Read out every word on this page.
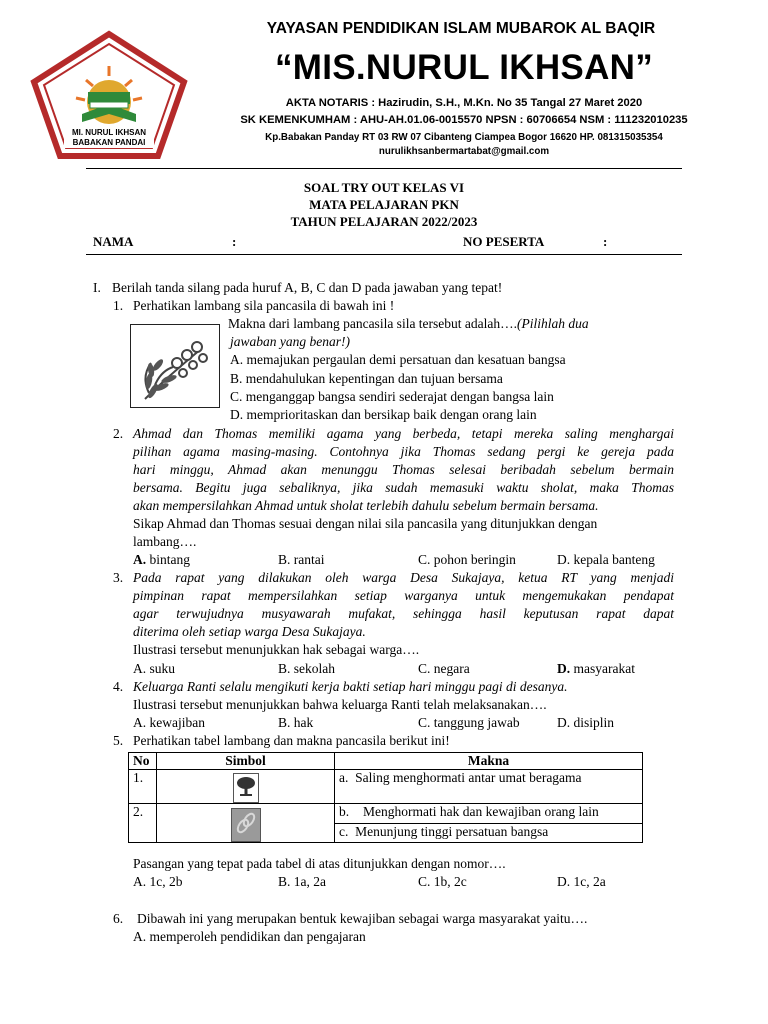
MI. NURUL IKHSAN
BABAKAN PANDAI
YAYASAN PENDIDIKAN ISLAM MUBAROK AL BAQIR
“MIS.NURUL IKHSAN”
AKTA NOTARIS : Hazirudin, S.H., M.Kn. No 35 Tangal 27 Maret 2020
SK KEMENKUMHAM : AHU-AH.01.06-0015570 NPSN : 60706654 NSM : 111232010235
Kp.Babakan Panday RT 03 RW 07 Cibanteng Ciampea Bogor 16620 HP. 081315035354
nurulikhsanbermartabat@gmail.com
SOAL TRY OUT KELAS VI
MATA PELAJARAN PKN
TAHUN PELAJARAN 2022/2023
NAMA	:	NO PESERTA	:
I. Berilah tanda silang pada huruf A, B, C dan D pada jawaban yang tepat!
1. Perhatikan lambang sila pancasila di bawah ini !
Makna dari lambang pancasila sila tersebut adalah….(Pilihlah dua
jawaban yang benar!)
A. memajukan pergaulan demi persatuan dan kesatuan bangsa
B. mendahulukan kepentingan dan tujuan bersama
C. menganggap bangsa sendiri sederajat dengan bangsa lain
D. memprioritaskan dan bersikap baik dengan orang lain
2. Ahmad dan Thomas memiliki agama yang berbeda, tetapi mereka saling menghargai
pilihan agama masing-masing. Contohnya jika Thomas sedang pergi ke gereja pada
hari minggu, Ahmad akan menunggu Thomas selesai beribadah sebelum bermain
bersama. Begitu juga sebaliknya, jika sudah memasuki waktu sholat, maka Thomas
akan mempersilahkan Ahmad untuk sholat terlebih dahulu sebelum bermain bersama.
Sikap Ahmad dan Thomas sesuai dengan nilai sila pancasila yang ditunjukkan dengan
lambang….
A. bintang	B. rantai	C. pohon beringin	D. kepala banteng
3. Pada rapat yang dilakukan oleh warga Desa Sukajaya, ketua RT yang menjadi
pimpinan rapat mempersilahkan setiap warganya untuk mengemukakan pendapat
agar terwujudnya musyawarah mufakat, sehingga hasil keputusan rapat dapat
diterima oleh setiap warga Desa Sukajaya.
Ilustrasi tersebut menunjukkan hak sebagai warga….
A. suku	B. sekolah	C. negara	D. masyarakat
4. Keluarga Ranti selalu mengikuti kerja bakti setiap hari minggu pagi di desanya.
Ilustrasi tersebut menunjukkan bahwa keluarga Ranti telah melaksanakan….
A. kewajiban	B. hak	C. tanggung jawab	D. disiplin
5. Perhatikan tabel lambang dan makna pancasila berikut ini!
No	Simbol	Makna
1.		a. Saling menghormati antar umat beragama
2.		b. Menghormati hak dan kewajiban orang lain

		c. Menunjung tinggi persatuan bangsa
Pasangan yang tepat pada tabel di atas ditunjukkan dengan nomor….
A. 1c, 2b	B. 1a, 2a	C. 1b, 2c	D. 1c, 2a
6. Dibawah ini yang merupakan bentuk kewajiban sebagai warga masyarakat yaitu….
A. memperoleh pendidikan dan pengajaran
